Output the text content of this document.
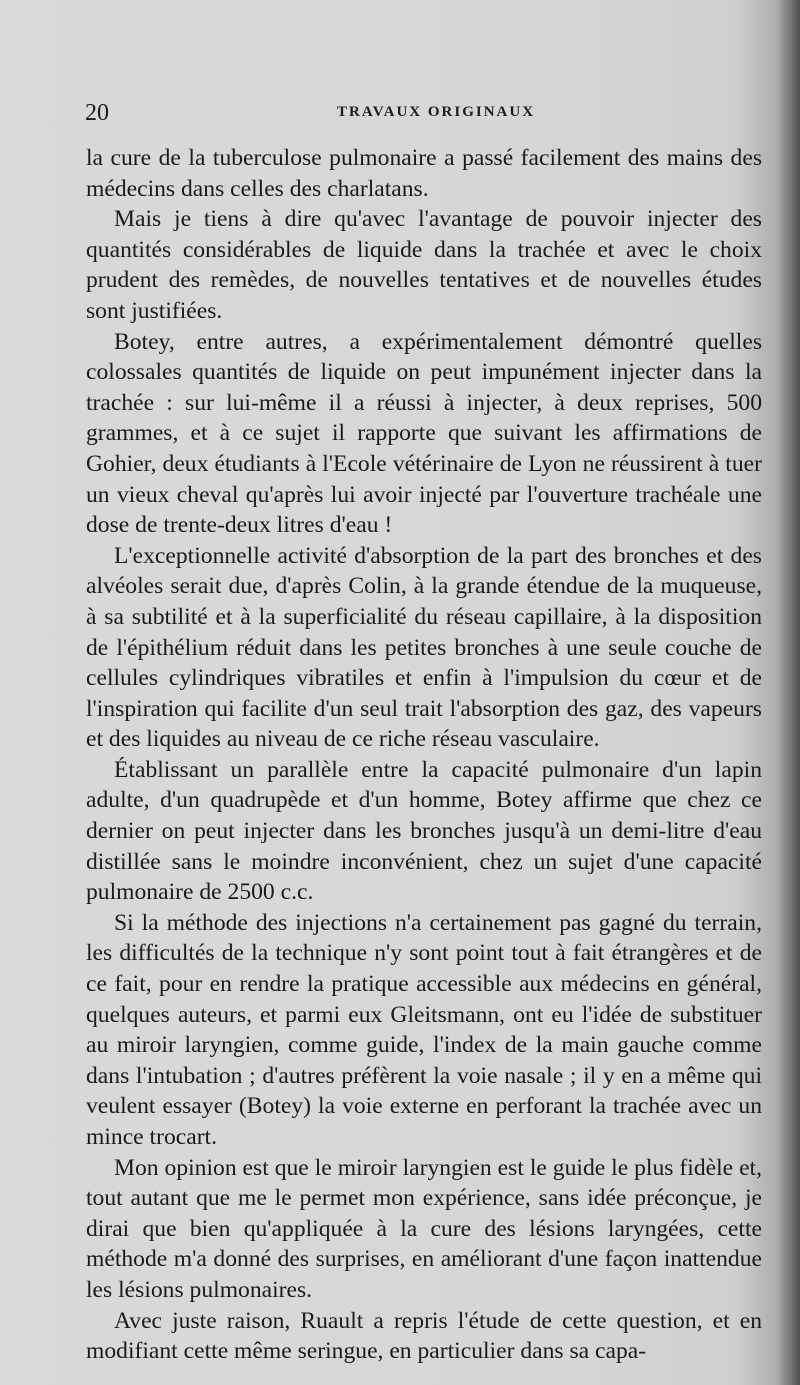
20	TRAVAUX ORIGINAUX

la cure de la tuberculose pulmonaire a passé facilement des mains des médecins dans celles des charlatans.

Mais je tiens à dire qu'avec l'avantage de pouvoir injecter des quantités considérables de liquide dans la trachée et avec le choix prudent des remèdes, de nouvelles tentatives et de nouvelles études sont justifiées.

Botey, entre autres, a expérimentalement démontré quelles colossales quantités de liquide on peut impunément injecter dans la trachée : sur lui-même il a réussi à injecter, à deux reprises, 500 grammes, et à ce sujet il rapporte que suivant les affirmations de Gohier, deux étudiants à l'Ecole vétérinaire de Lyon ne réussirent à tuer un vieux cheval qu'après lui avoir injecté par l'ouverture trachéale une dose de trente-deux litres d'eau !

L'exceptionnelle activité d'absorption de la part des bronches et des alvéoles serait due, d'après Colin, à la grande étendue de la muqueuse, à sa subtilité et à la superficialité du réseau capillaire, à la disposition de l'épithélium réduit dans les petites bronches à une seule couche de cellules cylindriques vibratiles et enfin à l'impulsion du cœur et de l'inspiration qui facilite d'un seul trait l'absorption des gaz, des vapeurs et des liquides au niveau de ce riche réseau vasculaire.

Établissant un parallèle entre la capacité pulmonaire d'un lapin adulte, d'un quadrupède et d'un homme, Botey affirme que chez ce dernier on peut injecter dans les bronches jusqu'à un demi-litre d'eau distillée sans le moindre inconvénient, chez un sujet d'une capacité pulmonaire de 2500 c.c.

Si la méthode des injections n'a certainement pas gagné du terrain, les difficultés de la technique n'y sont point tout à fait étrangères et de ce fait, pour en rendre la pratique accessible aux médecins en général, quelques auteurs, et parmi eux Gleitsmann, ont eu l'idée de substituer au miroir laryngien, comme guide, l'index de la main gauche comme dans l'intubation ; d'autres préfèrent la voie nasale ; il y en a même qui veulent essayer (Botey) la voie externe en perforant la trachée avec un mince trocart.

Mon opinion est que le miroir laryngien est le guide le plus fidèle et, tout autant que me le permet mon expérience, sans idée préconçue, je dirai que bien qu'appliquée à la cure des lésions laryngées, cette méthode m'a donné des surprises, en améliorant d'une façon inattendue les lésions pulmonaires.

Avec juste raison, Ruault a repris l'étude de cette question, et en modifiant cette même seringue, en particulier dans sa capa-
